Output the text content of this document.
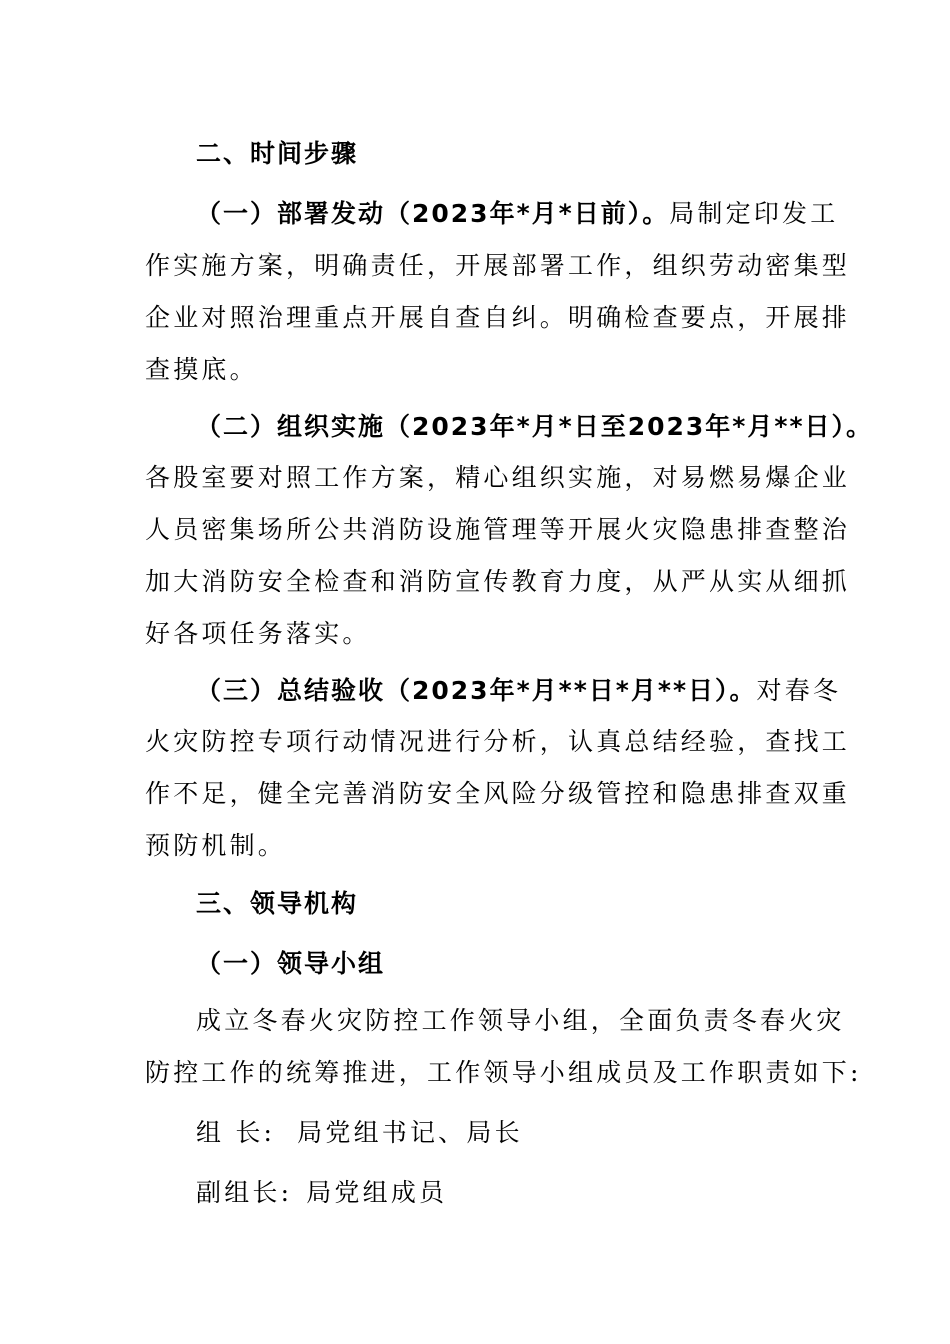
二、时间步骤
（一）部署发动（2023年*月*日前）。局制定印发工
作实施方案，明确责任，开展部署工作，组织劳动密集型
企业对照治理重点开展自查自纠。明确检查要点，开展排
查摸底。
（二）组织实施（2023年*月*日至2023年*月**日）。
各股室要对照工作方案，精心组织实施，对易燃易爆企业
人员密集场所公共消防设施管理等开展火灾隐患排查整治
加大消防安全检查和消防宣传教育力度，从严从实从细抓
好各项任务落实。
（三）总结验收（2023年*月**日*月**日）。对春冬
火灾防控专项行动情况进行分析，认真总结经验，查找工
作不足，健全完善消防安全风险分级管控和隐患排查双重
预防机制。
三、领导机构
（一）领导小组
成立冬春火灾防控工作领导小组，全面负责冬春火灾
防控工作的统筹推进，工作领导小组成员及工作职责如下:
组 长: 局党组书记、局长
副组长: 局党组成员
